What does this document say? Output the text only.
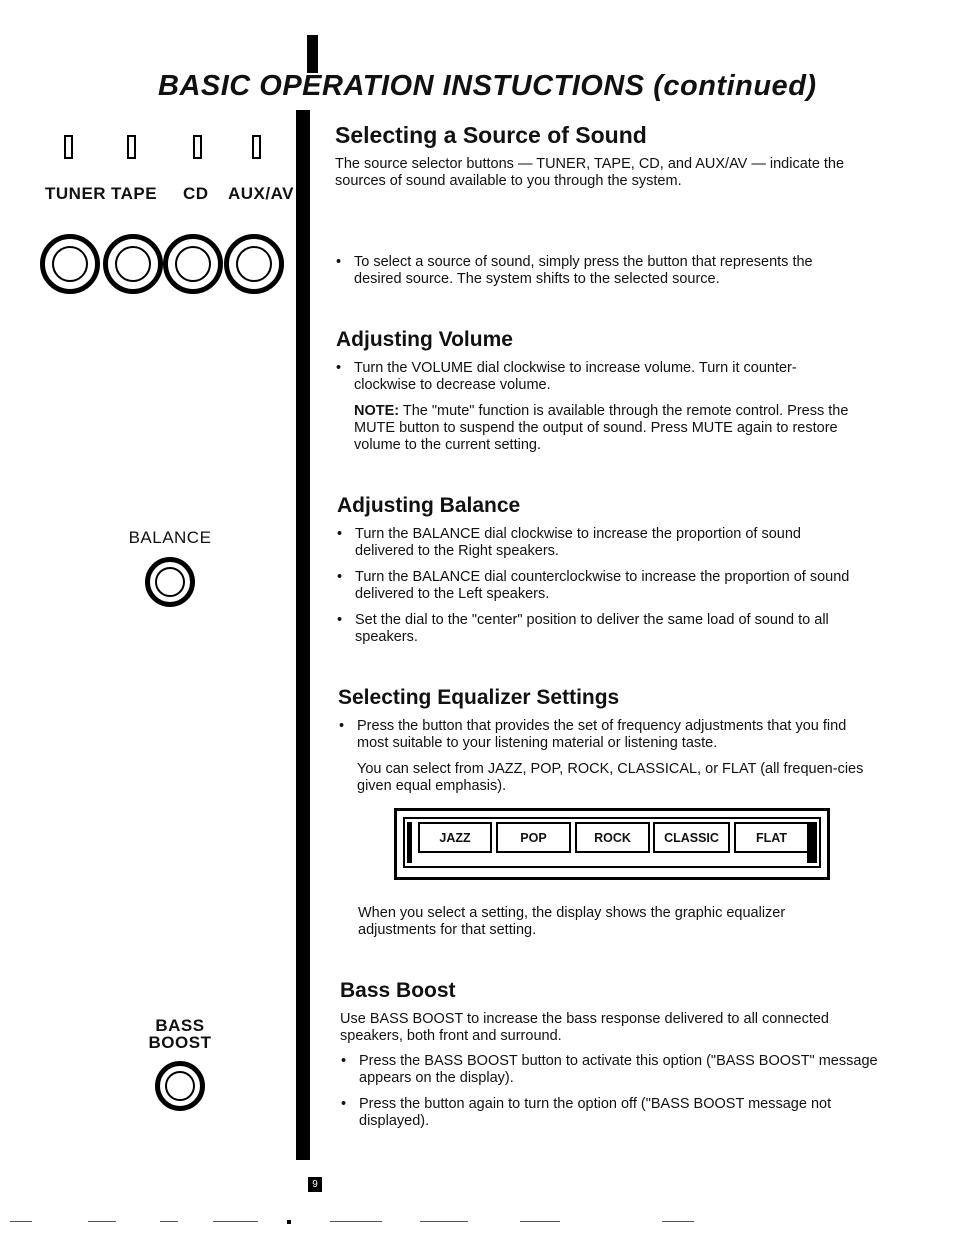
BASIC OPERATION INSTUCTIONS (continued)
9
TUNER TAPE CD AUX/AV
BALANCE
BASS
BOOST
Selecting a Source of Sound
The source selector buttons — TUNER, TAPE, CD, and AUX/AV — indicate the sources of sound available to you through the system.
• To select a source of sound, simply press the button that represents the desired source. The system shifts to the selected source.
Adjusting Volume
• Turn the VOLUME dial clockwise to increase volume. Turn it counter-clockwise to decrease volume.
NOTE: The "mute" function is available through the remote control. Press the MUTE button to suspend the output of sound. Press MUTE again to restore volume to the current setting.
Adjusting Balance
• Turn the BALANCE dial clockwise to increase the proportion of sound delivered to the Right speakers.
• Turn the BALANCE dial counterclockwise to increase the proportion of sound delivered to the Left speakers.
• Set the dial to the "center" position to deliver the same load of sound to all speakers.
Selecting Equalizer Settings
• Press the button that provides the set of frequency adjustments that you find most suitable to your listening material or listening taste.
You can select from JAZZ, POP, ROCK, CLASSICAL, or FLAT (all frequen-cies given equal emphasis).
JAZZ	POP	ROCK	CLASSIC	FLAT
When you select a setting, the display shows the graphic equalizer adjustments for that setting.
Bass Boost
Use BASS BOOST to increase the bass response delivered to all connected speakers, both front and surround.
• Press the BASS BOOST button to activate this option ("BASS BOOST" message appears on the display).
• Press the button again to turn the option off ("BASS BOOST message not displayed).
